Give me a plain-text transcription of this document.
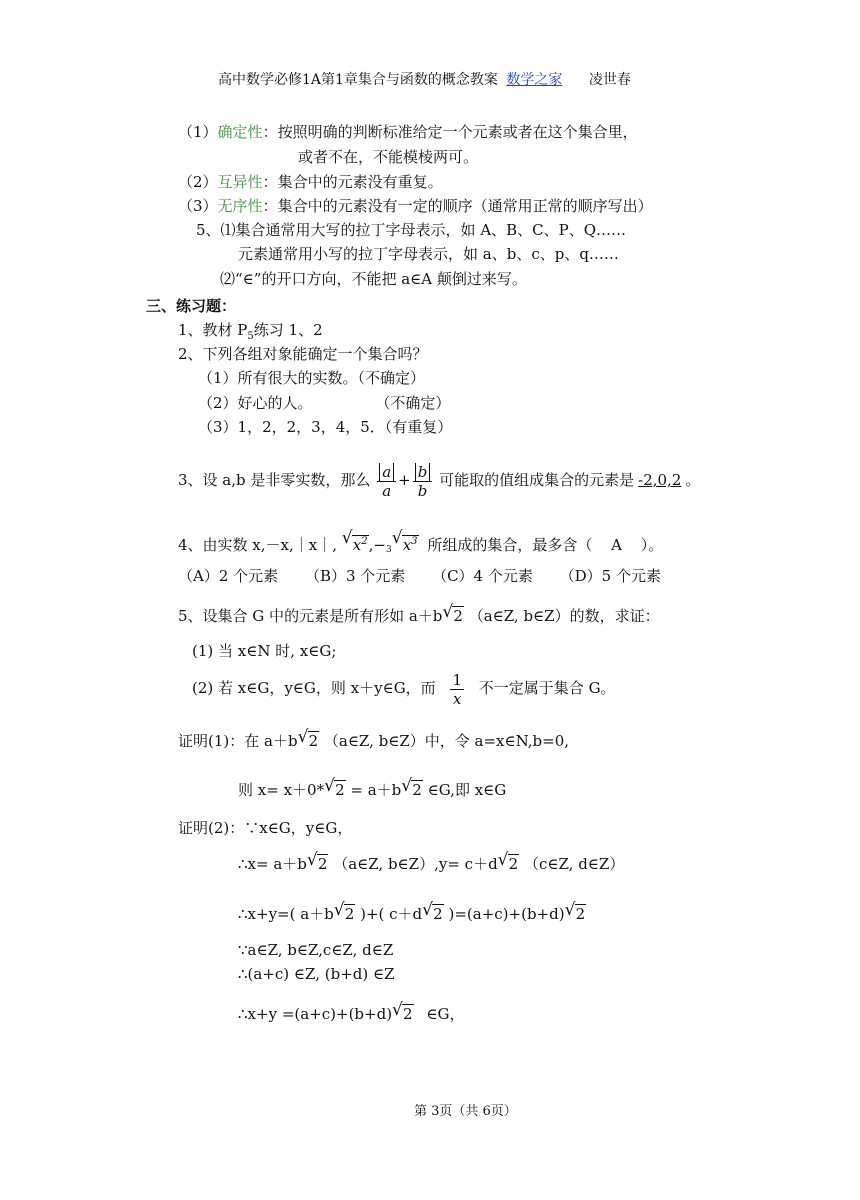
高中数学必修1A第1章集合与函数的概念教案 数学之家 凌世春
（1）确定性：按照明确的判断标准给定一个元素或者在这个集合里，
或者不在，不能模棱两可。
（2）互异性：集合中的元素没有重复。
（3）无序性：集合中的元素没有一定的顺序（通常用正常的顺序写出）
5、⑴集合通常用大写的拉丁字母表示，如 A、B、C、P、Q……
元素通常用小写的拉丁字母表示，如 a、b、c、p、q……
⑵“∈”的开口方向，不能把 a∈A 颠倒过来写。
三、练习题：
1、教材 $P_5$练习 1、2
2、下列各组对象能确定一个集合吗？
（1）所有很大的实数。（不确定）
（2）好心的人。	（不确定）
（3）1，2，2，3，4，5．（有重复）
3、设 a,b 是非零实数，那么 $\frac{a}{a} + \frac{b}{b}$ 可能取的值组成集合的元素是 -2,0,2 。
4、由实数 x,－x,｜x｜, √ $x^2,-^3$
√ $x^3$ 所组成的集合，最多含（ A ）。
（A）2 个元素 （B）3 个元素 （C）4 个元素 （D）5 个元素
5、设集合 G 中的元素是所有形如 a＋b √ 2 （a∈Z, b∈Z）的数，求证：
(1) 当 x∈N 时, x∈G;
(2) 若 x∈G，y∈G，则 x＋y∈G，而 $\frac{1}{x}$ 不一定属于集合 G。
证明(1)：在 a＋b √ 2 （a∈Z, b∈Z）中，令 a=x∈N,b=0,
则 x= x＋0* √ 2 = a＋b √ 2 ∈G,即 x∈G
证明(2)：∵x∈G，y∈G，
∴x= a＋b √ 2 （a∈Z, b∈Z）,y= c＋d √ 2 （c∈Z, d∈Z）
∴x+y=( a＋b √ 2 )+( c＋d √ 2 )=(a+c)+(b+d) √ 2
∵a∈Z, b∈Z,c∈Z, d∈Z
∴(a+c) ∈Z, (b+d) ∈Z
∴x+y =(a+c)+(b+d) √ 2 ∈G，
第 3页（共 6页）
